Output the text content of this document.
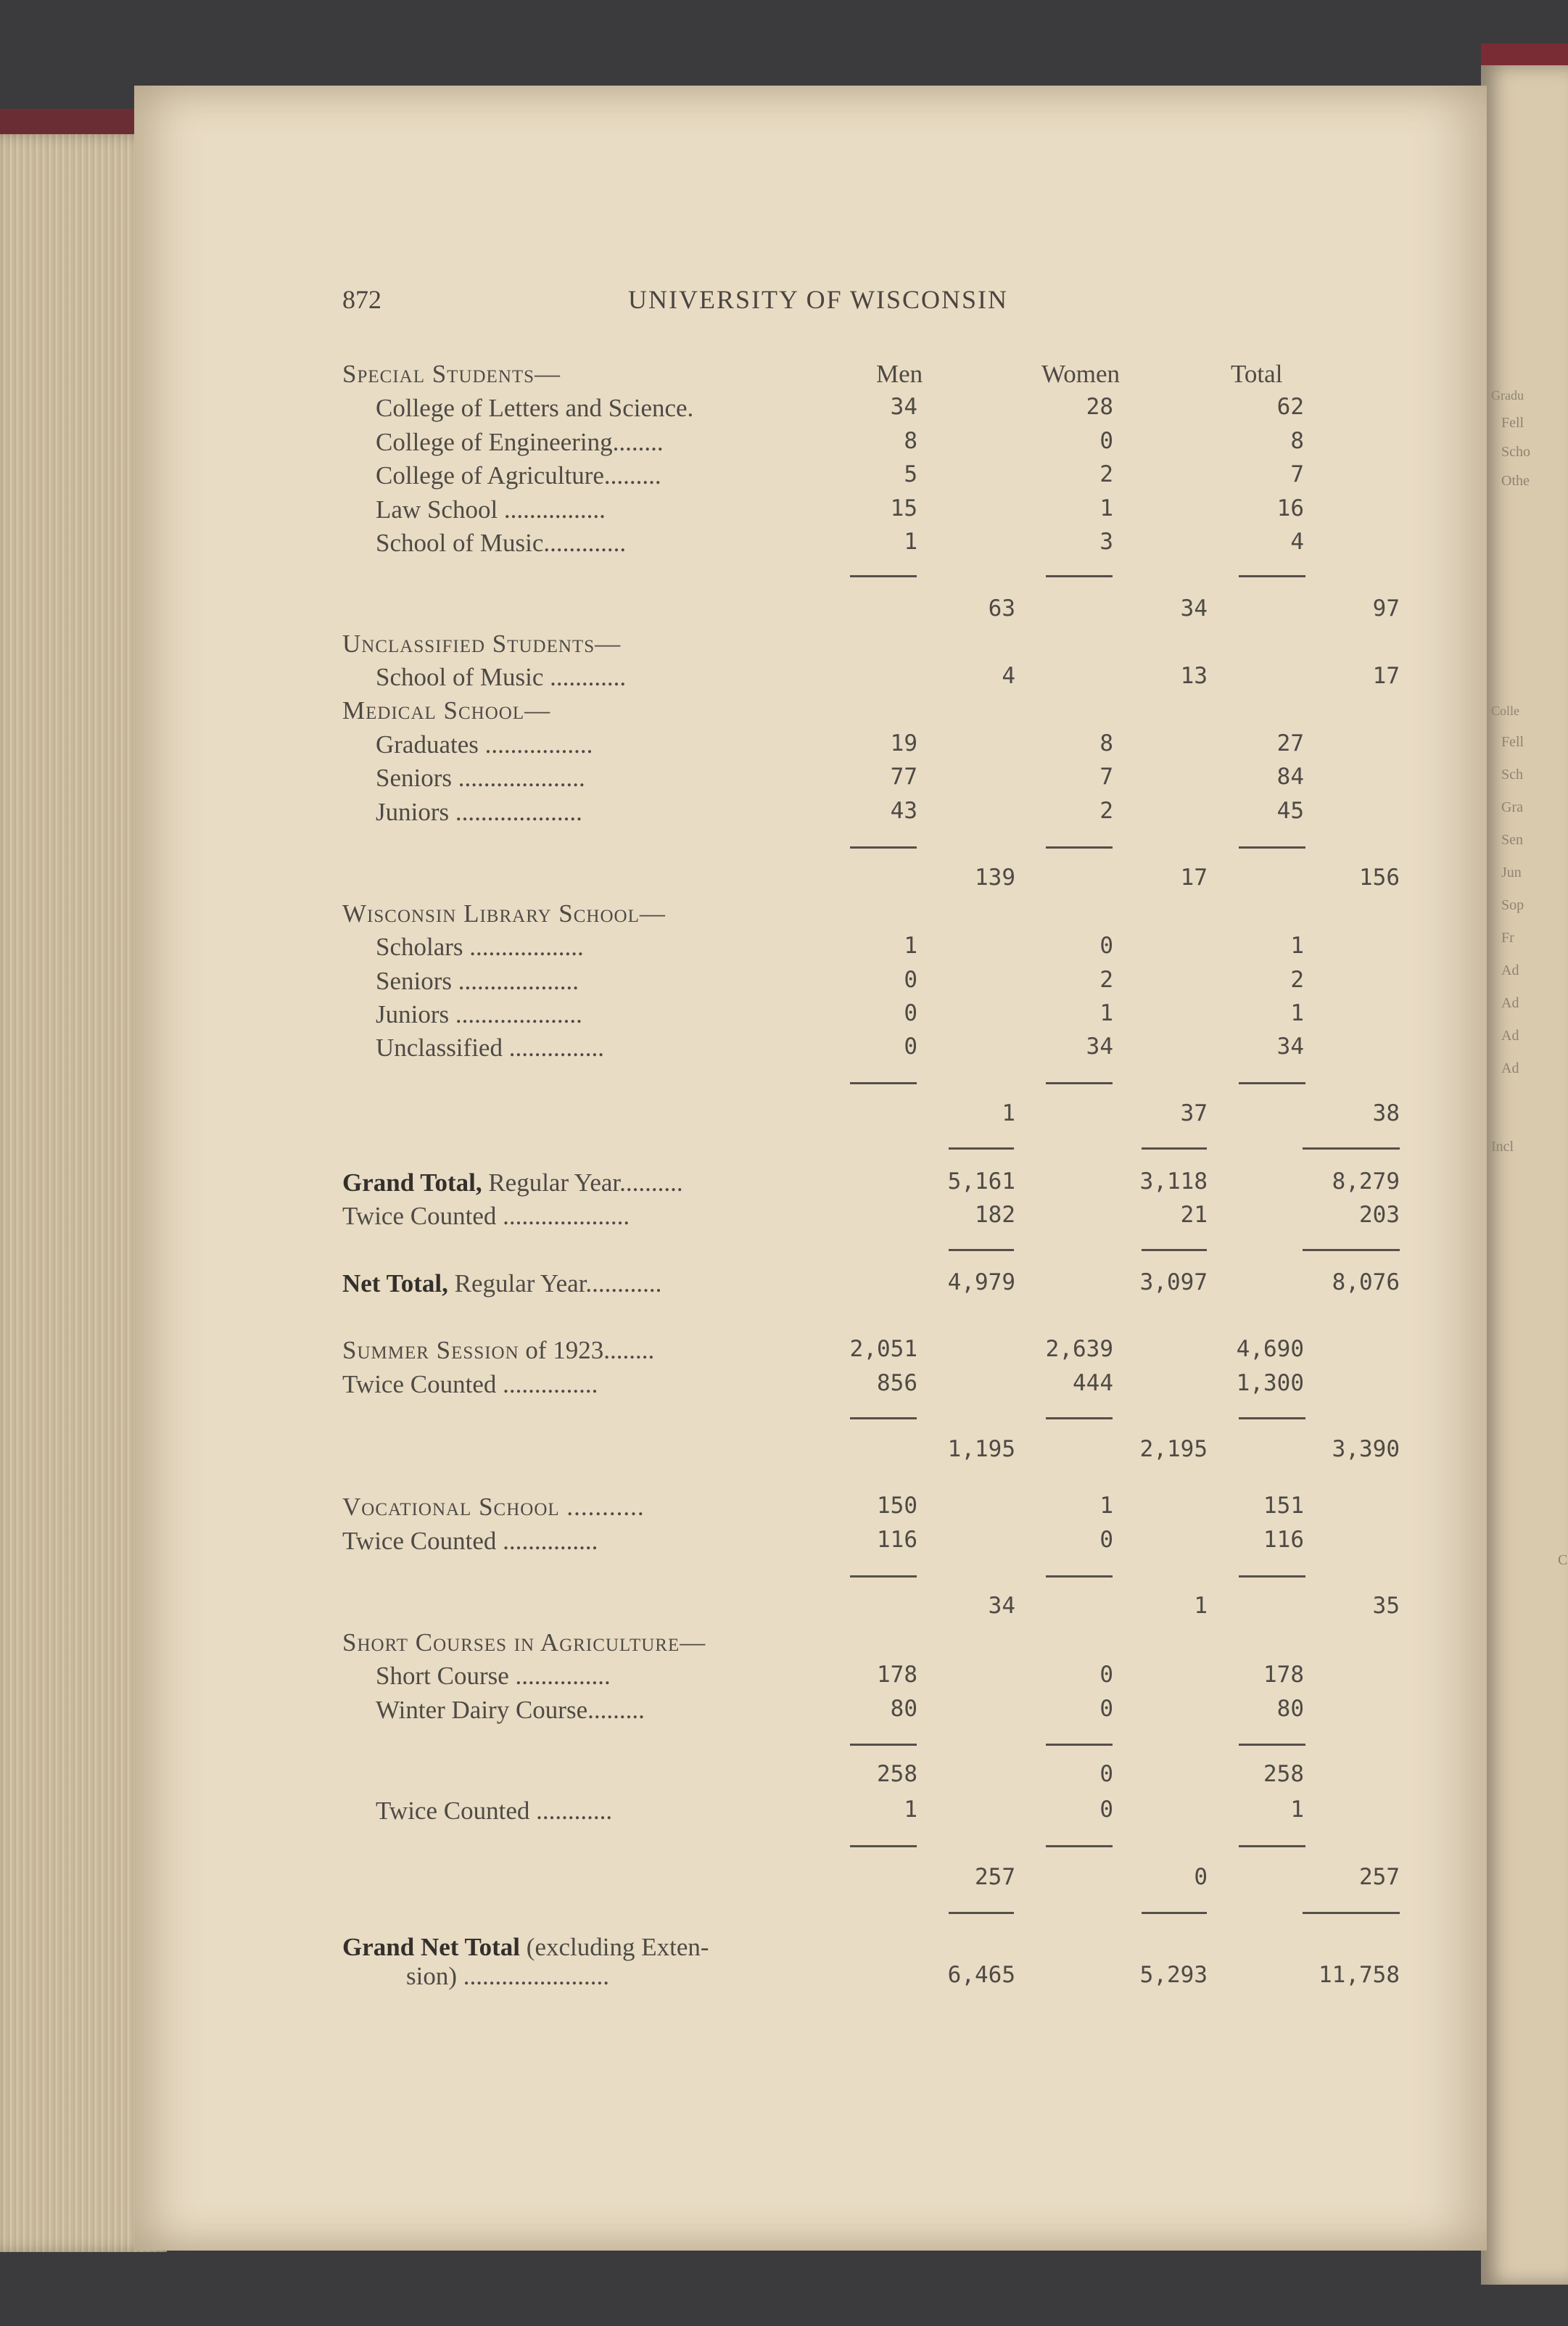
Gradu
Fell
Scho
Othe
Colle
Fell
Sch
Gra
Sen
Jun
Sop
Fr
Ad
Ad
Ad
Ad
Incl
C
872	UNIVERSITY OF WISCONSIN
Special Students—	Men	Women	Total
College of Letters and Science.	34	28	62
College of Engineering........	8	0	8
College of Agriculture.........	5	2	7
Law School ................	15	1	16
School of Music.............	1	3	4
63	34	97
Unclassified Students—
School of Music ............	4	13	17
Medical School—
Graduates .................	19	8	27
Seniors ....................	77	7	84
Juniors ....................	43	2	45
139	17	156
Wisconsin Library School—
Scholars ..................	1	0	1
Seniors ...................	0	2	2
Juniors ....................	0	1	1
Unclassified ...............	0	34	34
1	37	38
Grand Total, Regular Year..........	5,161	3,118	8,279
Twice Counted ....................	182	21	203
Net Total, Regular Year............	4,979	3,097	8,076
Summer Session of 1923........	2,051	2,639	4,690
Twice Counted ...............	856	444	1,300
1,195	2,195	3,390
Vocational School ...........	150	1	151
Twice Counted ...............	116	0	116
34	1	35
Short Courses in Agriculture—
Short Course ...............	178	0	178
Winter Dairy Course.........	80	0	80
258	0	258
Twice Counted ............	1	0	1
257	0	257
Grand Net Total (excluding Exten-
sion) .......................	6,465	5,293	11,758
